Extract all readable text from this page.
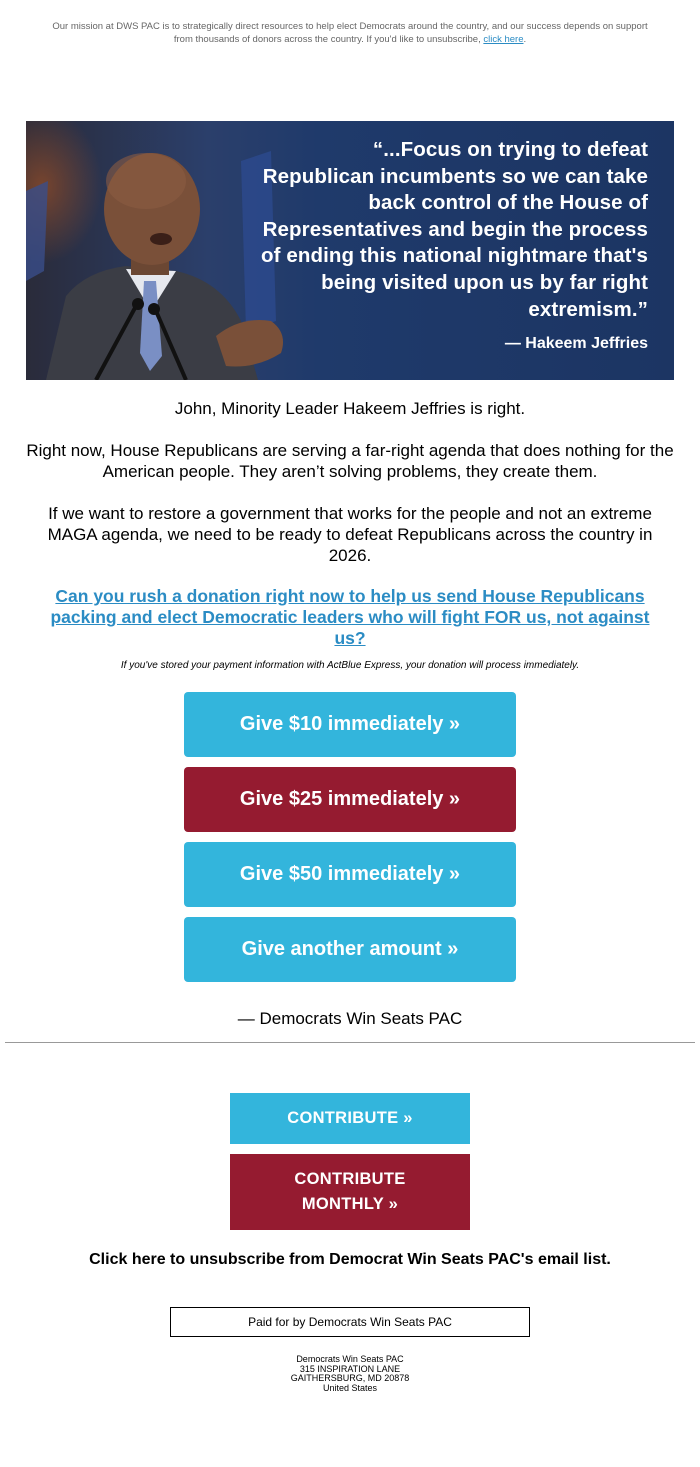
Our mission at DWS PAC is to strategically direct resources to help elect Democrats around the country, and our success depends on support from thousands of donors across the country. If you'd like to unsubscribe, click here.
“...Focus on trying to defeat Republican incumbents so we can take back control of the House of Representatives and begin the process of ending this national nightmare that's being visited upon us by far right extremism.”
— Hakeem Jeffries
John, Minority Leader Hakeem Jeffries is right.
Right now, House Republicans are serving a far-right agenda that does nothing for the American people. They aren’t solving problems, they create them.
If we want to restore a government that works for the people and not an extreme MAGA agenda, we need to be ready to defeat Republicans across the country in 2026.
Can you rush a donation right now to help us send House Republicans packing and elect Democratic leaders who will fight FOR us, not against us?
If you've stored your payment information with ActBlue Express, your donation will process immediately.
Give $10 immediately »
Give $25 immediately »
Give $50 immediately »
Give another amount »
— Democrats Win Seats PAC
CONTRIBUTE »
CONTRIBUTE MONTHLY »
Click here to unsubscribe from Democrat Win Seats PAC's email list.
Paid for by Democrats Win Seats PAC
Democrats Win Seats PAC
315 INSPIRATION LANE
GAITHERSBURG, MD 20878
United States
